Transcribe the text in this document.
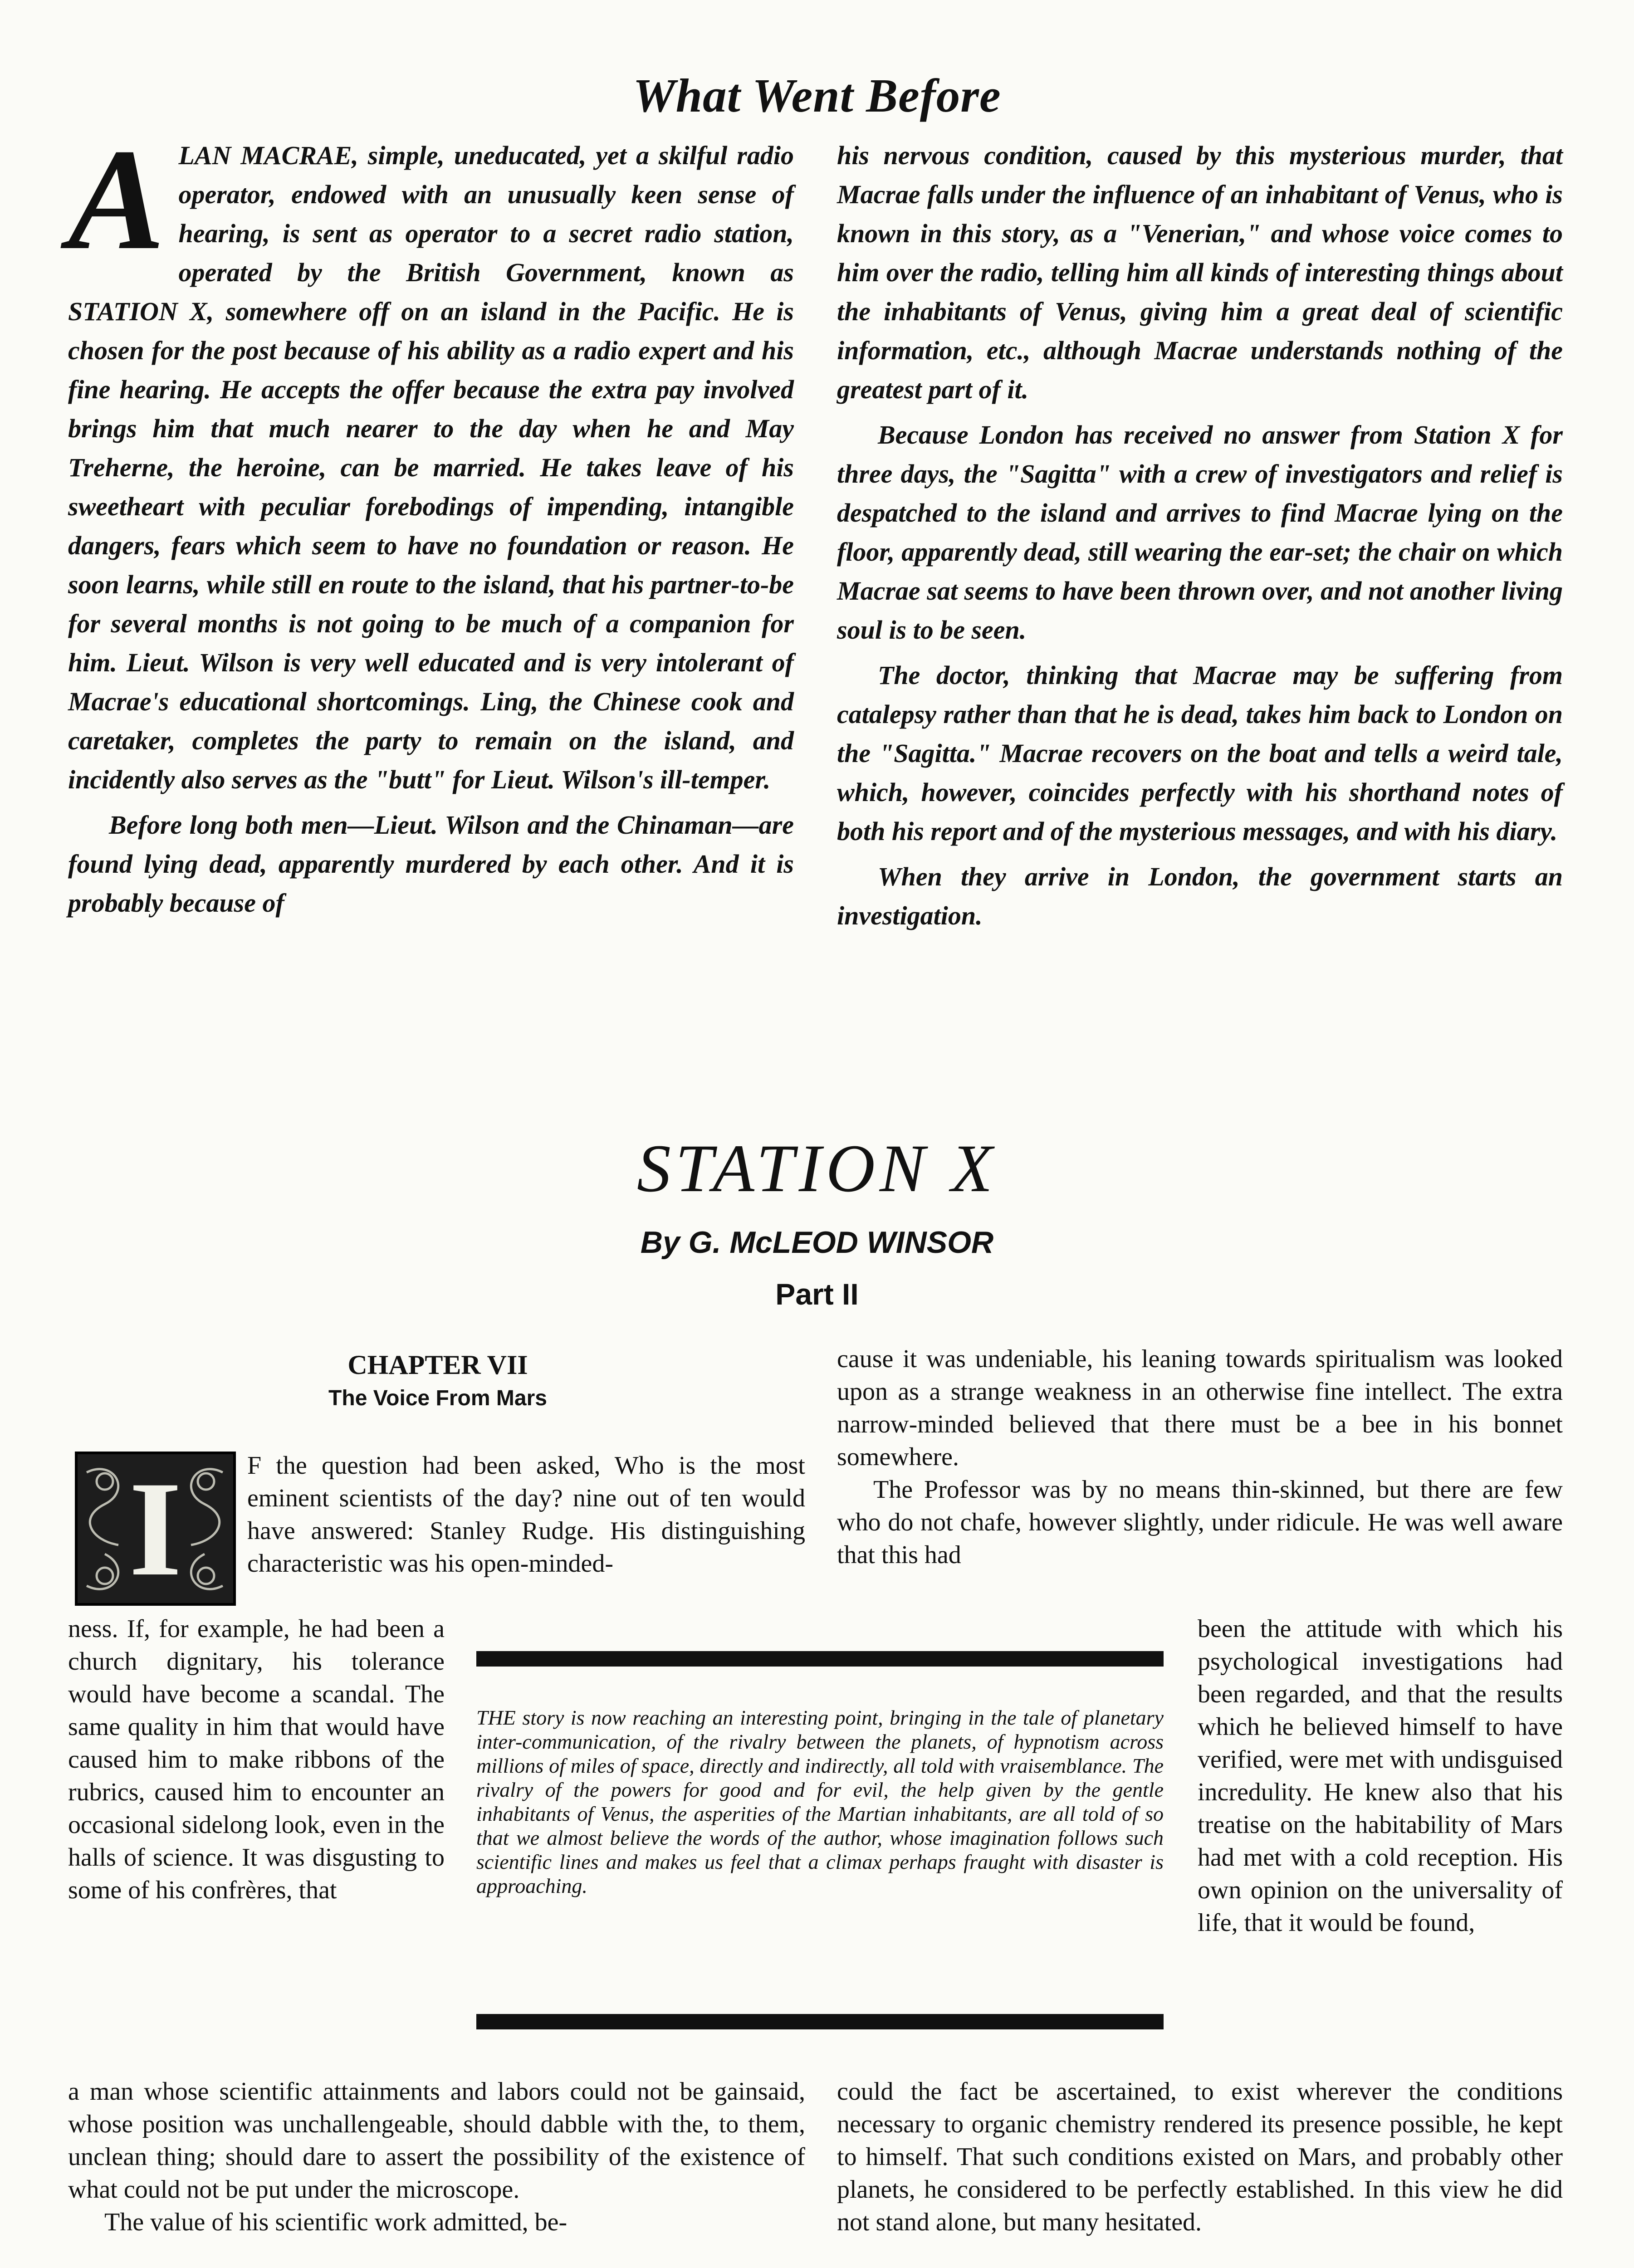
What Went Before

ALAN MACRAE, simple, uneducated, yet a skilful radio operator, endowed with an unusually keen sense of hearing, is sent as operator to a secret radio station, operated by the British Government, known as STATION X, somewhere off on an island in the Pacific. He is chosen for the post because of his ability as a radio expert and his fine hearing. He accepts the offer because the extra pay involved brings him that much nearer to the day when he and May Treherne, the heroine, can be married. He takes leave of his sweetheart with peculiar forebodings of impending, intangible dangers, fears which seem to have no foundation or reason. He soon learns, while still en route to the island, that his partner-to-be for several months is not going to be much of a companion for him. Lieut. Wilson is very well educated and is very intolerant of Macrae's educational shortcomings. Ling, the Chinese cook and caretaker, completes the party to remain on the island, and incidently also serves as the "butt" for Lieut. Wilson's ill-temper.

Before long both men—Lieut. Wilson and the Chinaman—are found lying dead, apparently murdered by each other. And it is probably because of

his nervous condition, caused by this mysterious murder, that Macrae falls under the influence of an inhabitant of Venus, who is known in this story, as a "Venerian," and whose voice comes to him over the radio, telling him all kinds of interesting things about the inhabitants of Venus, giving him a great deal of scientific information, etc., although Macrae understands nothing of the greatest part of it.

Because London has received no answer from Station X for three days, the "Sagitta" with a crew of investigators and relief is despatched to the island and arrives to find Macrae lying on the floor, apparently dead, still wearing the ear-set; the chair on which Macrae sat seems to have been thrown over, and not another living soul is to be seen.

The doctor, thinking that Macrae may be suffering from catalepsy rather than that he is dead, takes him back to London on the "Sagitta." Macrae recovers on the boat and tells a weird tale, which, however, coincides perfectly with his shorthand notes of both his report and of the mysterious messages, and with his diary.

When they arrive in London, the government starts an investigation.

STATION X
By G. McLEOD WINSOR
Part II
CHAPTER VII
The Voice From Mars
I	F the question had been asked, Who is the most eminent scientists of the day? nine out of ten would have answered: Stanley Rudge. His distinguishing characteristic was his open-minded-

ness. If, for example, he had been a church dignitary, his tolerance would have become a scandal. The same quality in him that would have caused him to make ribbons of the rubrics, caused him to encounter an occasional sidelong look, even in the halls of science. It was disgusting to some of his confrères, that

a man whose scientific attainments and labors could not be gainsaid, whose position was unchallengeable, should dabble with the, to them, unclean thing; should dare to assert the possibility of the existence of what could not be put under the microscope.

The value of his scientific work admitted, be-

cause it was undeniable, his leaning towards spiritualism was looked upon as a strange weakness in an otherwise fine intellect. The extra narrow-minded believed that there must be a bee in his bonnet somewhere.

The Professor was by no means thin-skinned, but there are few who do not chafe, however slightly, under ridicule. He was well aware that this had

been the attitude with which his psychological investigations had been regarded, and that the results which he believed himself to have verified, were met with undisguised incredulity. He knew also that his treatise on the habitability of Mars had met with a cold reception. His own opinion on the universality of life, that it would be found,

could the fact be ascertained, to exist wherever the conditions necessary to organic chemistry rendered its presence possible, he kept to himself. That such conditions existed on Mars, and probably other planets, he considered to be perfectly established. In this view he did not stand alone, but many hesitated.

THE story is now reaching an interesting point, bringing in the tale of planetary inter-communication, of the rivalry between the planets, of hypnotism across millions of miles of space, directly and indirectly, all told with vraisemblance. The rivalry of the powers for good and for evil, the help given by the gentle inhabitants of Venus, the asperities of the Martian inhabitants, are all told of so that we almost believe the words of the author, whose imagination follows such scientific lines and makes us feel that a climax perhaps fraught with disaster is approaching.
